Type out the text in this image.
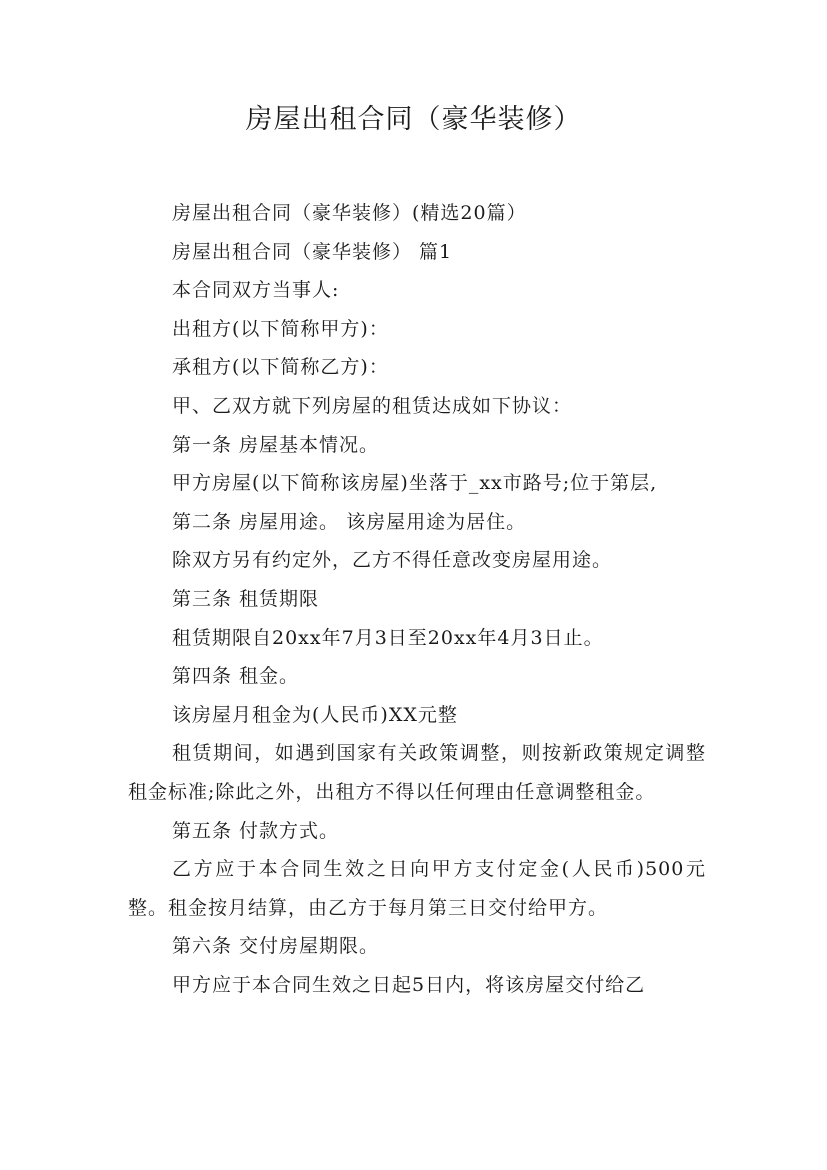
房屋出租合同（豪华装修）

房屋出租合同（豪华装修）(精选20篇）

房屋出租合同（豪华装修） 篇1

本合同双方当事人:

出租方(以下简称甲方)：

承租方(以下简称乙方)：

甲、乙双方就下列房屋的租赁达成如下协议：

第一条 房屋基本情况。

甲方房屋(以下简称该房屋)坐落于_xx市路号;位于第层,

第二条 房屋用途。 该房屋用途为居住。

除双方另有约定外，乙方不得任意改变房屋用途。

第三条 租赁期限

租赁期限自20xx年7月3日至20xx年4月3日止。

第四条 租金。

该房屋月租金为(人民币)XX元整

租赁期间，如遇到国家有关政策调整，则按新政策规定调整租金标准;除此之外，出租方不得以任何理由任意调整租金。

第五条 付款方式。

乙方应于本合同生效之日向甲方支付定金(人民币)500元整。租金按月结算，由乙方于每月第三日交付给甲方。

第六条 交付房屋期限。

甲方应于本合同生效之日起5日内，将该房屋交付给乙
